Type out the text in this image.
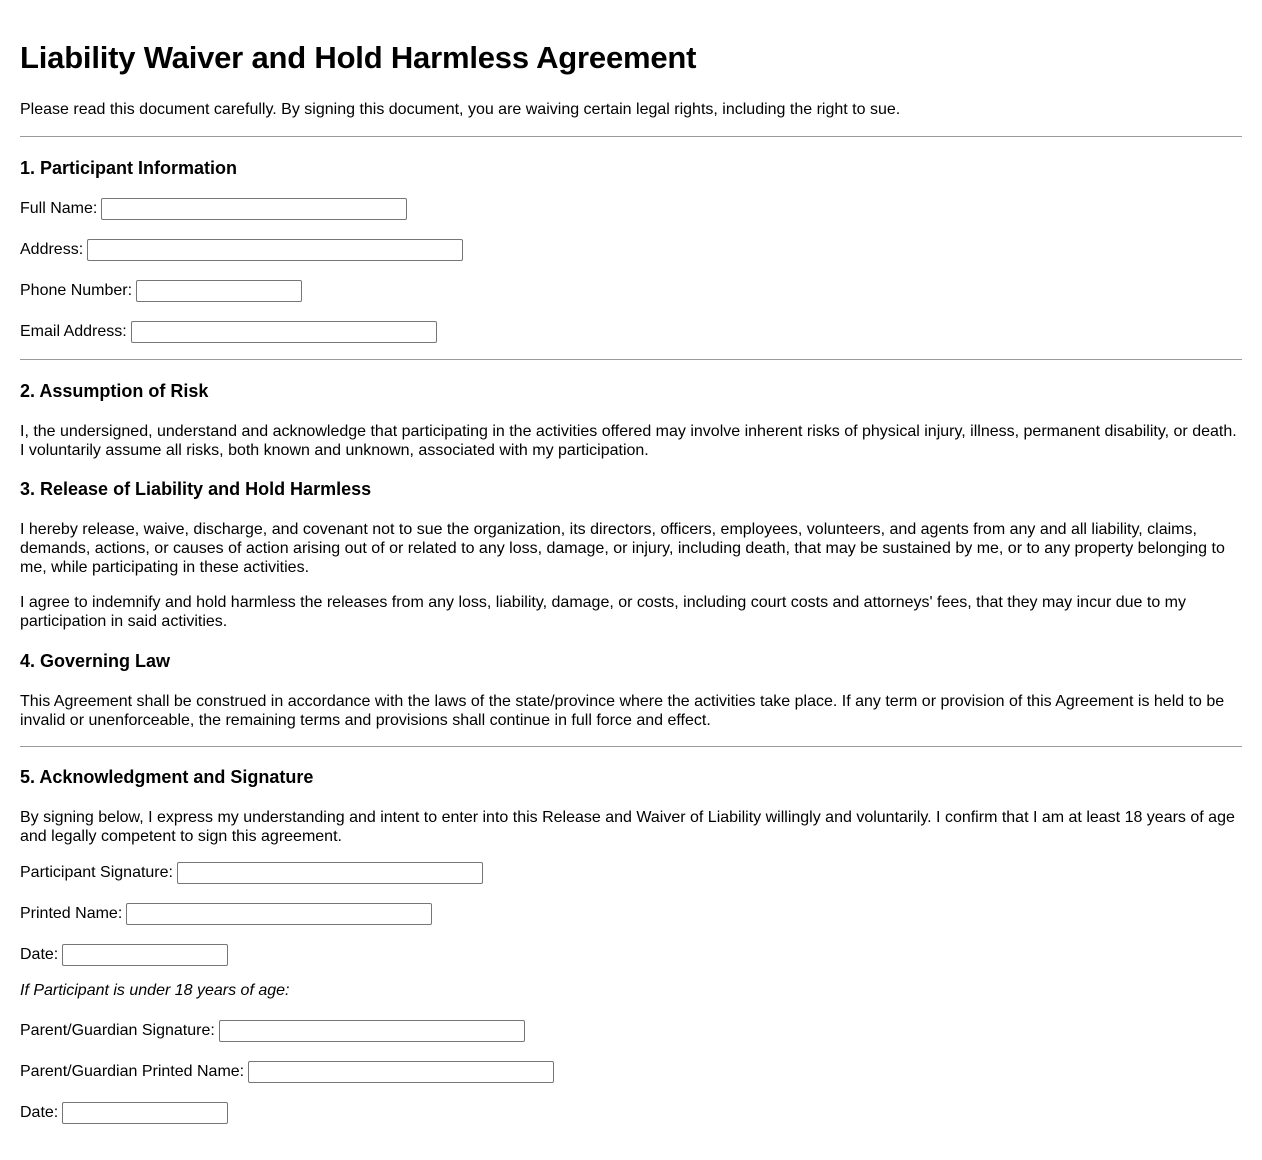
Liability Waiver and Hold Harmless Agreement

Please read this document carefully. By signing this document, you are waiving certain legal rights, including the right to sue.

1. Participant Information
Full Name:
Address:
Phone Number:
Email Address:
2. Assumption of Risk

I, the undersigned, understand and acknowledge that participating in the activities offered may involve inherent risks of physical injury, illness, permanent disability, or death. I voluntarily assume all risks, both known and unknown, associated with my participation.

3. Release of Liability and Hold Harmless

I hereby release, waive, discharge, and covenant not to sue the organization, its directors, officers, employees, volunteers, and agents from any and all liability, claims, demands, actions, or causes of action arising out of or related to any loss, damage, or injury, including death, that may be sustained by me, or to any property belonging to me, while participating in these activities.

I agree to indemnify and hold harmless the releases from any loss, liability, damage, or costs, including court costs and attorneys' fees, that they may incur due to my participation in said activities.

4. Governing Law

This Agreement shall be construed in accordance with the laws of the state/province where the activities take place. If any term or provision of this Agreement is held to be invalid or unenforceable, the remaining terms and provisions shall continue in full force and effect.

5. Acknowledgment and Signature

By signing below, I express my understanding and intent to enter into this Release and Waiver of Liability willingly and voluntarily. I confirm that I am at least 18 years of age and legally competent to sign this agreement.

Participant Signature:
Printed Name:
Date:

If Participant is under 18 years of age:

Parent/Guardian Signature:
Parent/Guardian Printed Name:
Date:
